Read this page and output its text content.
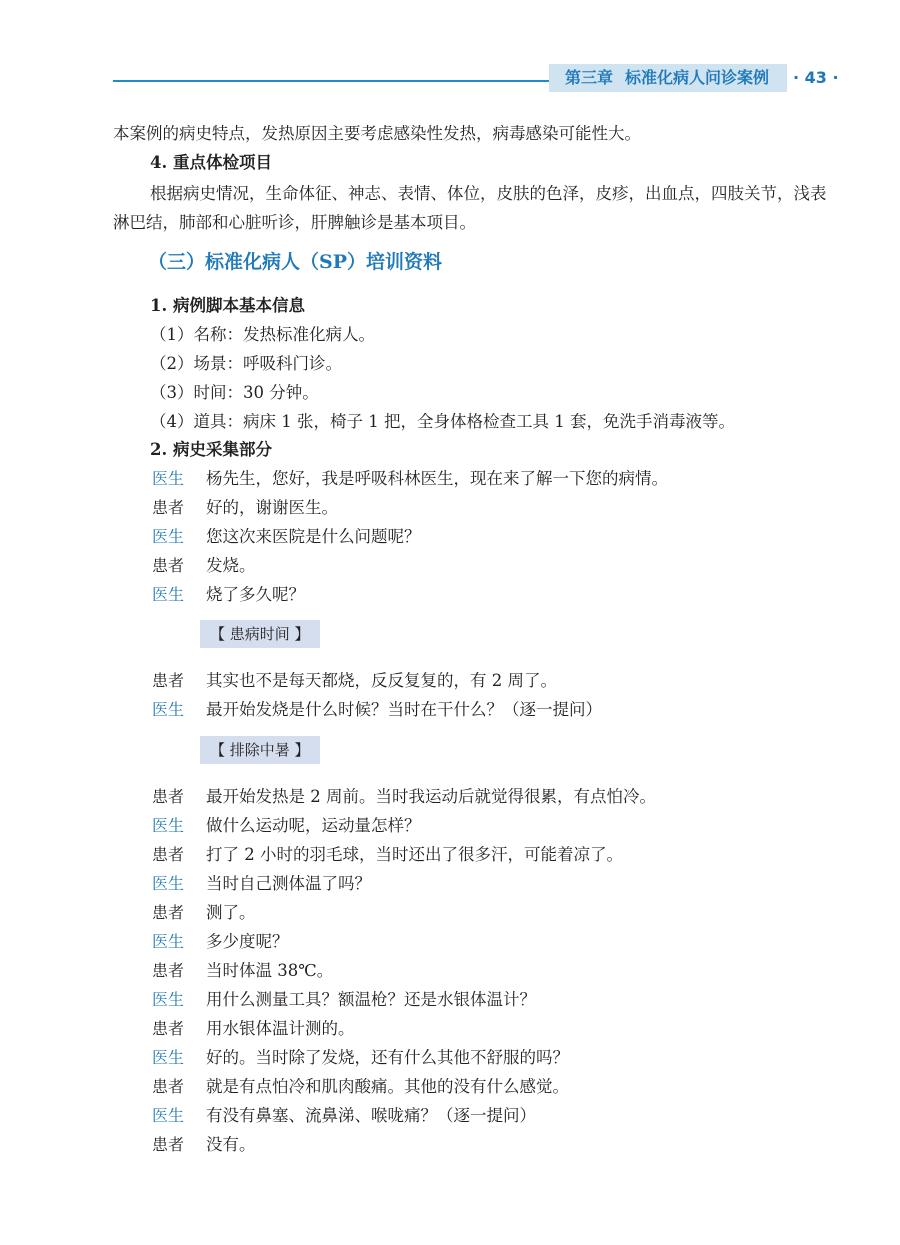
第三章 标准化病人问诊案例 · 43 ·
本案例的病史特点，发热原因主要考虑感染性发热，病毒感染可能性大。
4. 重点体检项目
根据病史情况，生命体征、神志、表情、体位，皮肤的色泽，皮疹，出血点，四肢关节，浅表
淋巴结，肺部和心脏听诊，肝脾触诊是基本项目。
（三）标准化病人（SP）培训资料
1. 病例脚本基本信息
（1）名称：发热标准化病人。
（2）场景：呼吸科门诊。
（3）时间：30 分钟。
（4）道具：病床 1 张，椅子 1 把，全身体格检查工具 1 套，免洗手消毒液等。
2. 病史采集部分
医生 杨先生，您好，我是呼吸科林医生，现在来了解一下您的病情。
患者 好的，谢谢医生。
医生 您这次来医院是什么问题呢？
患者 发烧。
医生 烧了多久呢？
【 患病时间 】
患者 其实也不是每天都烧，反反复复的，有 2 周了。
医生 最开始发烧是什么时候？当时在干什么？（逐一提问）
【 排除中暑 】
患者 最开始发热是 2 周前。当时我运动后就觉得很累，有点怕冷。
医生 做什么运动呢，运动量怎样？
患者 打了 2 小时的羽毛球，当时还出了很多汗，可能着凉了。
医生 当时自己测体温了吗？
患者 测了。
医生 多少度呢？
患者 当时体温 38℃。
医生 用什么测量工具？额温枪？还是水银体温计？
患者 用水银体温计测的。
医生 好的。当时除了发烧，还有什么其他不舒服的吗？
患者 就是有点怕冷和肌肉酸痛。其他的没有什么感觉。
医生 有没有鼻塞、流鼻涕、喉咙痛？（逐一提问）
患者 没有。
